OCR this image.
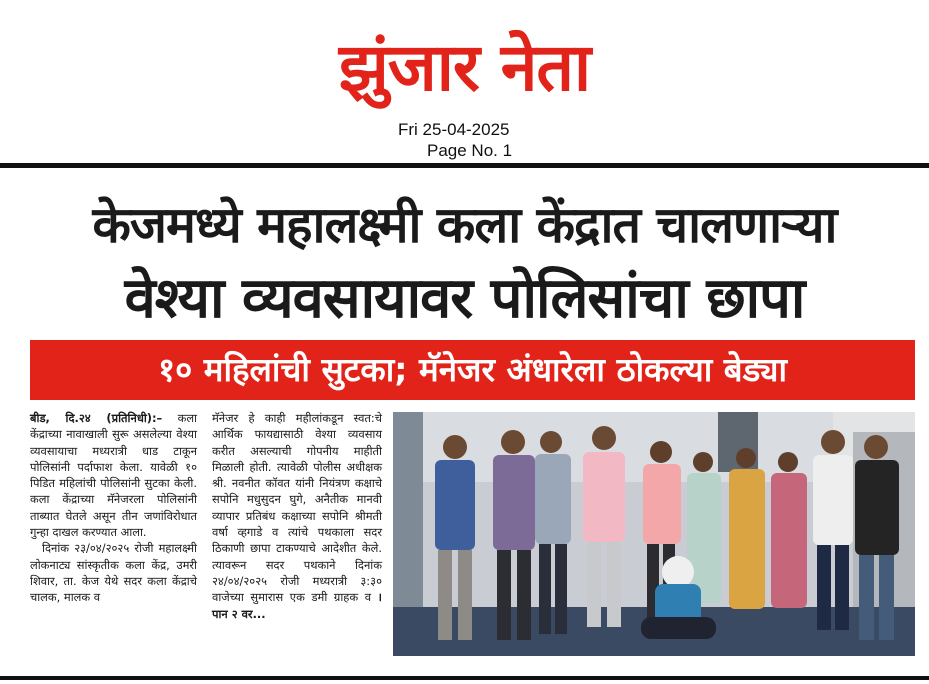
झुंजार नेता
Fri 25-04-2025
Page No. 1
केजमध्ये महालक्ष्मी कला केंद्रात चालणाऱ्या
वेश्या व्यवसायावर पोलिसांचा छापा
१० महिलांची सुटका; मॅनेजर अंधारेला ठोकल्या बेड्या

बीड, दि.२४ (प्रतिनिधी):– कला केंद्राच्या नावाखाली सुरू असलेल्या वेश्या व्यवसायाचा मध्यरात्री धाड टाकून पोलिसांनी पर्दाफाश केला. यावेळी १० पिडित महिलांची पोलिसांनी सुटका केली. कला केंद्राच्या मॅनेजरला पोलिसांनी ताब्यात घेतले असून तीन जणांविरोधात गुन्हा दाखल करण्यात आला.

दिनांक २३/०४/२०२५ रोजी महालक्ष्मी लोकनाट्य सांस्कृतीक कला केंद्र, उमरी शिवार, ता. केज येथे सदर कला केंद्राचे चालक, मालक व

मॅनेजर हे काही महीलांकडून स्वत:चे आर्थिक फायद्यासाठी वेश्या व्यवसाय करीत असल्याची गोपनीय माहीती मिळाली होती. त्यावेळी पोलीस अधीक्षक श्री. नवनीत कॉवत यांनी नियंत्रण कक्षाचे सपोनि मधुसुदन घुगे, अनैतीक मानवी व्यापार प्रतिबंध कक्षाच्या सपोनि श्रीमती वर्षा व्हगाडे व त्यांचे पथकाला सदर ठिकाणी छापा टाकण्याचे आदेशीत केले. त्यावरून सदर पथकाने दिनांक २४/०४/२०२५ रोजी मध्यरात्री ३:३० वाजेच्या सुमारास एक डमी ग्राहक व । पान २ वर...
